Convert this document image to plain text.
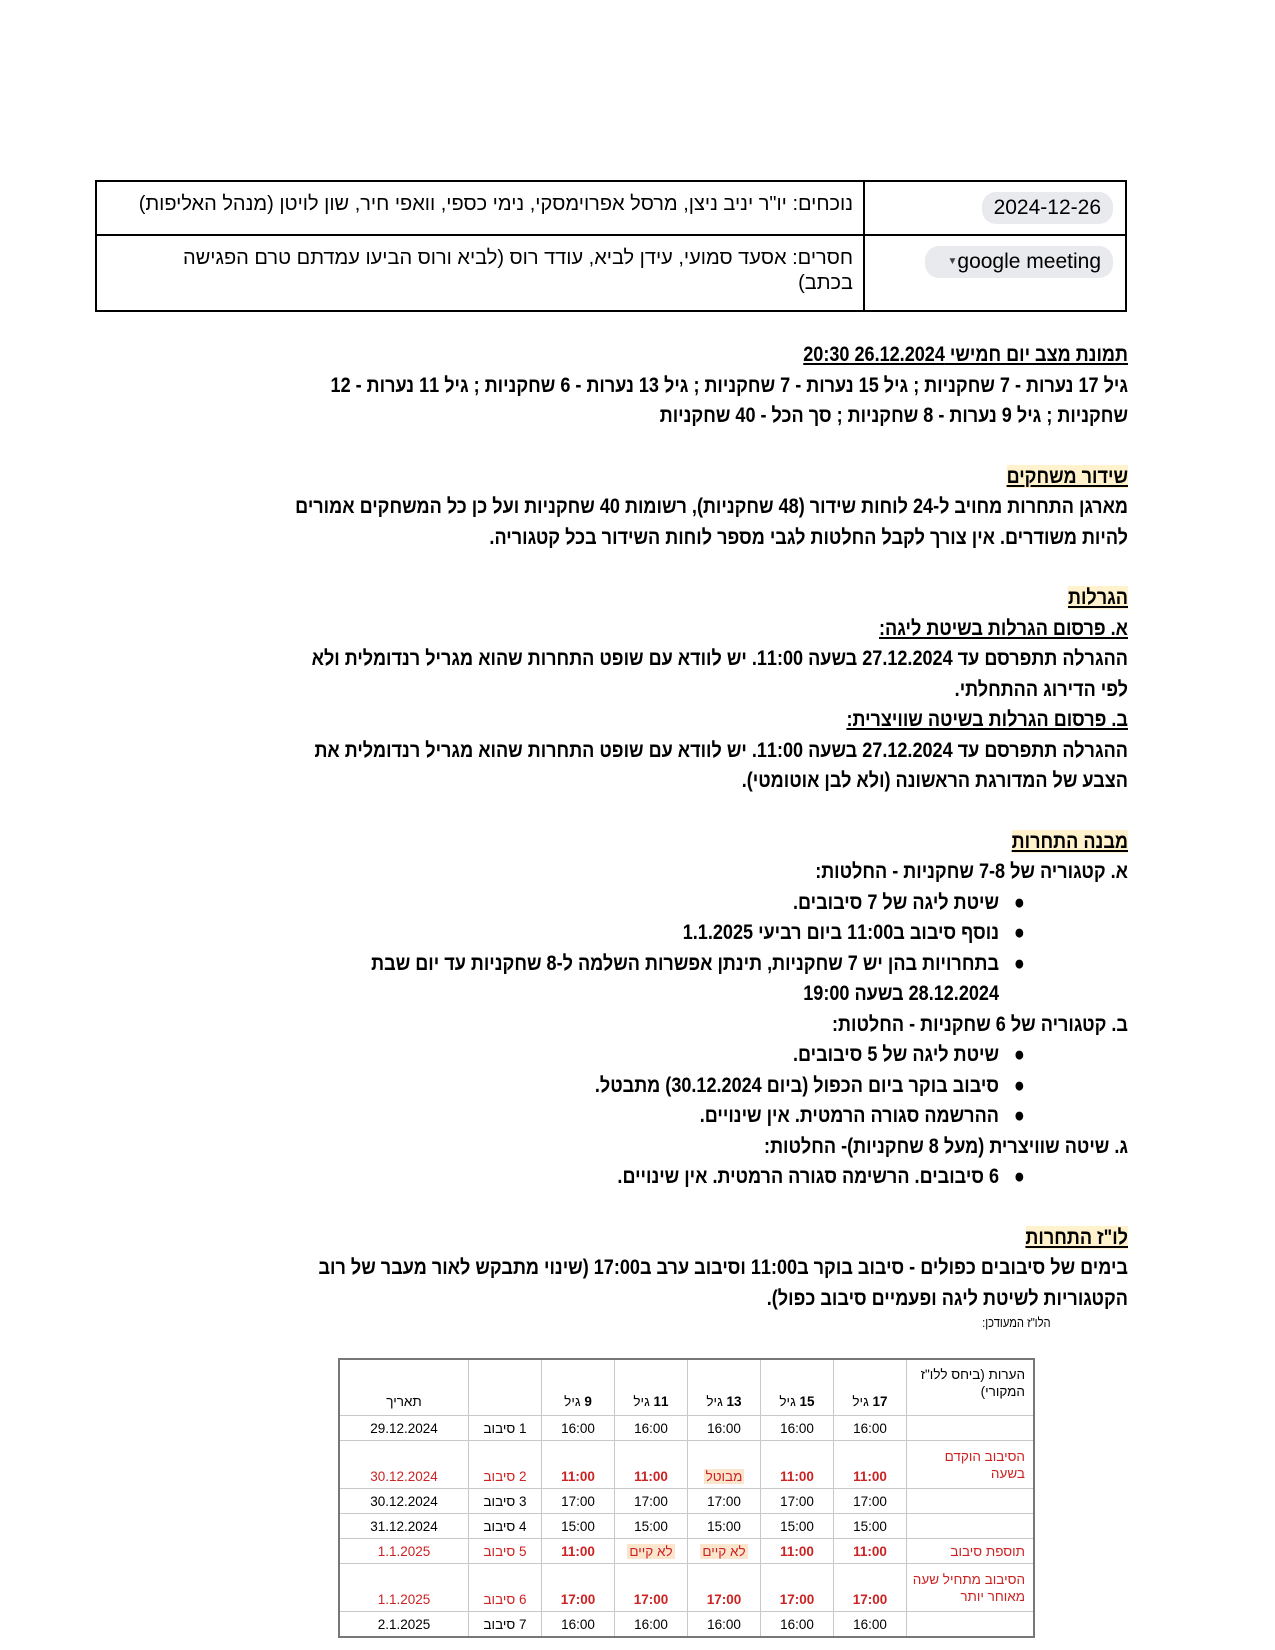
2024-12-26	נוכחים: יו"ר יניב ניצן, מרסל אפרוימסקי, נימי כספי, וואפי חיר, שון לויטן (מנהל האליפות)
▼google meeting	חסרים: אסעד סמועי, עידן לביא, עודד רוס (לביא ורוס הביעו עמדתם טרם הפגישה
בכתב)
תמונת מצב יום חמישי 26.12.2024 20:30
גיל 17 נערות - 7 שחקניות ; גיל 15 נערות - 7 שחקניות ; גיל 13 נערות - 6 שחקניות ; גיל 11 נערות - 12
שחקניות ; גיל 9 נערות - 8 שחקניות ; סך הכל - 40 שחקניות
שידור משחקים
מארגן התחרות מחויב ל-24 לוחות שידור (48 שחקניות), רשומות 40 שחקניות ועל כן כל המשחקים אמורים
להיות משודרים. אין צורך לקבל החלטות לגבי מספר לוחות השידור בכל קטגוריה.
הגרלות
א. פרסום הגרלות בשיטת ליגה:
ההגרלה תתפרסם עד 27.12.2024 בשעה 11:00. יש לוודא עם שופט התחרות שהוא מגריל רנדומלית ולא
לפי הדירוג ההתחלתי.
ב. פרסום הגרלות בשיטה שוויצרית:
ההגרלה תתפרסם עד 27.12.2024 בשעה 11:00. יש לוודא עם שופט התחרות שהוא מגריל רנדומלית את
הצבע של המדורגת הראשונה (ולא לבן אוטומטי).
מבנה התחרות
א. קטגוריה של 7-8 שחקניות - החלטות:
●
שיטת ליגה של 7 סיבובים.
●
נוסף סיבוב ב11:00 ביום רביעי 1.1.2025
●
בתחרויות בהן יש 7 שחקניות, תינתן אפשרות השלמה ל-8 שחקניות עד יום שבת
28.12.2024 בשעה 19:00
ב. קטגוריה של 6 שחקניות - החלטות:
●
שיטת ליגה של 5 סיבובים.
●
סיבוב בוקר ביום הכפול (ביום 30.12.2024) מתבטל.
●
ההרשמה סגורה הרמטית. אין שינויים.
ג. שיטה שוויצרית (מעל 8 שחקניות)- החלטות:
●
6 סיבובים. הרשימה סגורה הרמטית. אין שינויים.
לו"ז התחרות
בימים של סיבובים כפולים - סיבוב בוקר ב11:00 וסיבוב ערב ב17:00 (שינוי מתבקש לאור מעבר של רוב
הקטגוריות לשיטת ליגה ופעמיים סיבוב כפול).
הלו"ז המעודכן:
הערות (ביחס ללו"ז המקורי)	17 גיל	15 גיל	13 גיל	11 גיל	9 גיל		תאריך
	16:00	16:00	16:00	16:00	16:00	1 סיבוב	29.12.2024
הסיבוב הוקדם בשעה	11:00	11:00	מבוטל	11:00	11:00	2 סיבוב	30.12.2024
	17:00	17:00	17:00	17:00	17:00	3 סיבוב	30.12.2024
	15:00	15:00	15:00	15:00	15:00	4 סיבוב	31.12.2024
תוספת סיבוב	11:00	11:00	לא קיים	לא קיים	11:00	5 סיבוב	1.1.2025
הסיבוב מתחיל שעה מאוחר יותר	17:00	17:00	17:00	17:00	17:00	6 סיבוב	1.1.2025
	16:00	16:00	16:00	16:00	16:00	7 סיבוב	2.1.2025
